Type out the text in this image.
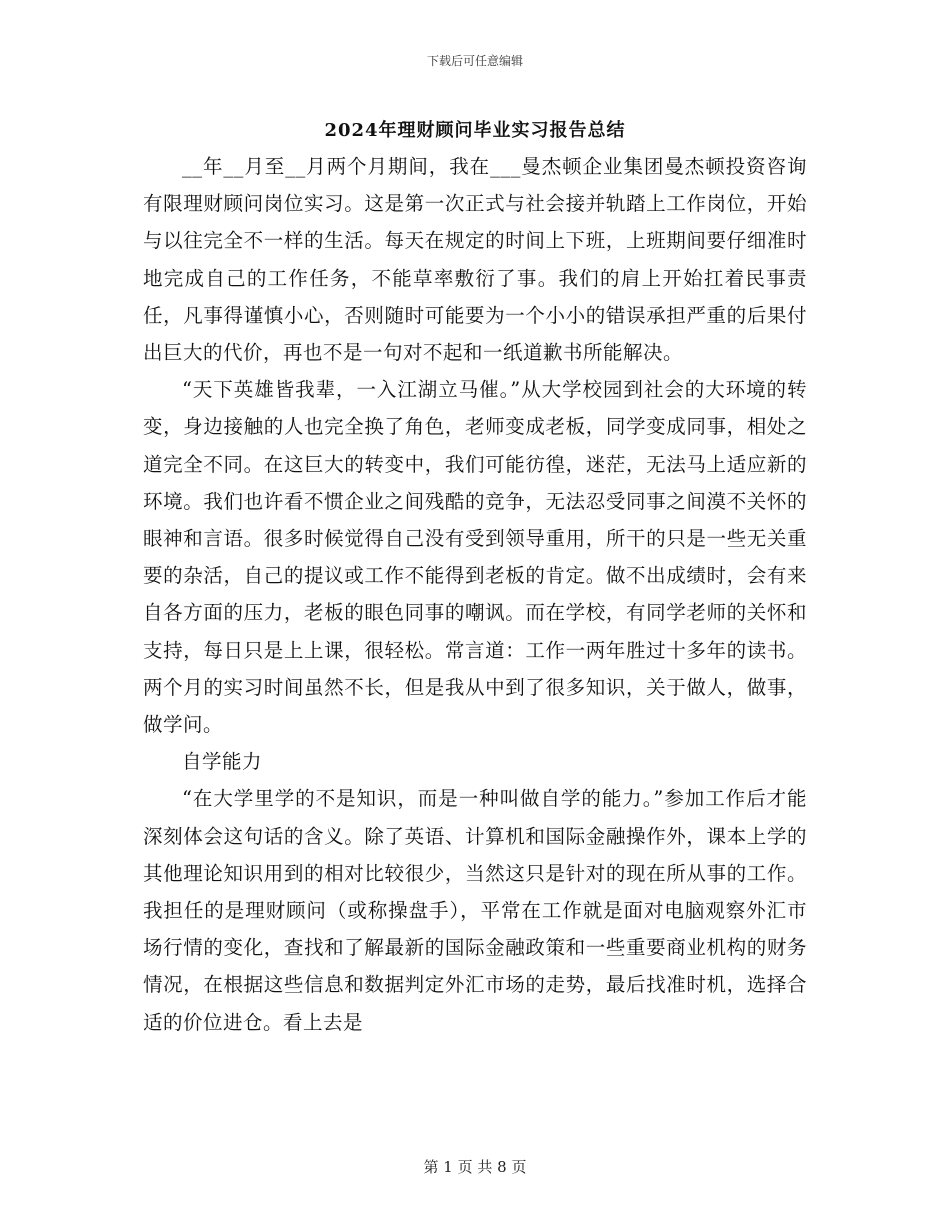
下载后可任意编辑
2024年理财顾问毕业实习报告总结

__年__月至__月两个月期间，我在___曼杰顿企业集团曼杰顿投资咨询有限理财顾问岗位实习。这是第一次正式与社会接并轨踏上工作岗位，开始与以往完全不一样的生活。每天在规定的时间上下班，上班期间要仔细准时地完成自己的工作任务，不能草率敷衍了事。我们的肩上开始扛着民事责任，凡事得谨慎小心，否则随时可能要为一个小小的错误承担严重的后果付出巨大的代价，再也不是一句对不起和一纸道歉书所能解决。

“天下英雄皆我辈，一入江湖立马催。”从大学校园到社会的大环境的转变，身边接触的人也完全换了角色，老师变成老板，同学变成同事，相处之道完全不同。在这巨大的转变中，我们可能彷徨，迷茫，无法马上适应新的环境。我们也许看不惯企业之间残酷的竞争，无法忍受同事之间漠不关怀的眼神和言语。很多时候觉得自己没有受到领导重用，所干的只是一些无关重要的杂活，自己的提议或工作不能得到老板的肯定。做不出成绩时，会有来自各方面的压力，老板的眼色同事的嘲讽。而在学校，有同学老师的关怀和支持，每日只是上上课，很轻松。常言道：工作一两年胜过十多年的读书。两个月的实习时间虽然不长，但是我从中到了很多知识，关于做人，做事，做学问。

自学能力

“在大学里学的不是知识，而是一种叫做自学的能力。”参加工作后才能深刻体会这句话的含义。除了英语、计算机和国际金融操作外，课本上学的其他理论知识用到的相对比较很少，当然这只是针对的现在所从事的工作。我担任的是理财顾问（或称操盘手），平常在工作就是面对电脑观察外汇市场行情的变化，查找和了解最新的国际金融政策和一些重要商业机构的财务情况，在根据这些信息和数据判定外汇市场的走势，最后找准时机，选择合适的价位进仓。看上去是

第 1 页 共 8 页
